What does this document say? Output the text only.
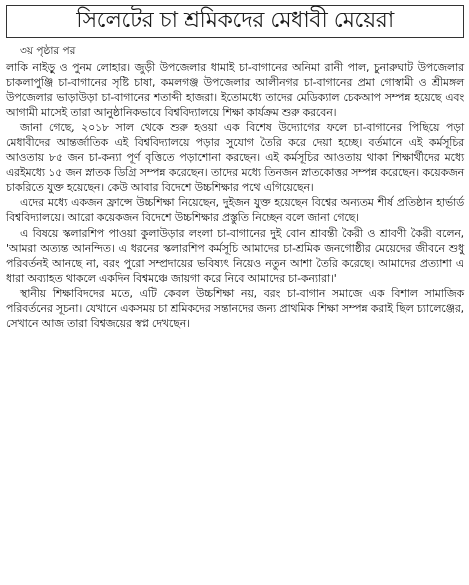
সিলেটের চা শ্রমিকদের মেধাবী মেয়েরা
৩য় পৃষ্ঠার পর

লাকি নাইড়ু ও পুনম লোহার। জুড়ী উপজেলার ধামাই চা-বাগানের অনিমা রানী পাল, চুনারুঘাট উপজেলার চাকলাপুঞ্জি চা-বাগানের সৃষ্টি চাষা, কমলগঞ্জ উপজেলার আলীনগর চা-বাগানের প্রমা গোস্বামী ও শ্রীমঙ্গল উপজেলার ভাড়াউড়া চা-বাগানের শতাব্দী হাজরা। ইতোমধ্যে তাদের মেডিক্যাল চেকআপ সম্পন্ন হয়েছে এবং আগামী মাসেই তারা আনুষ্ঠানিকভাবে বিশ্ববিদ্যালয়ে শিক্ষা কার্যক্রম শুরু করবেন।

জানা গেছে, ২০১৮ সাল থেকে শুরু হওয়া এক বিশেষ উদ্যোগের ফলে চা-বাগানের পিছিয়ে পড়া মেধাবীদের আন্তর্জাতিক এই বিশ্ববিদ্যালয়ে পড়ার সুযোগ তৈরি করে দেয়া হচ্ছে। বর্তমানে এই কর্মসূচির আওতায় ৮৫ জন চা-কন্যা পূর্ণ বৃত্তিতে পড়াশোনা করছেন। এই কর্মসূচির আওতায় থাকা শিক্ষার্থীদের মধ্যে এরইমধ্যে ১৫ জন স্নাতক ডিগ্রি সম্পন্ন করেছেন। তাদের মধ্যে তিনজন স্নাতকোত্তর সম্পন্ন করেছেন। কয়েকজন চাকরিতে যুক্ত হয়েছেন। কেউ আবার বিদেশে উচ্চশিক্ষার পথে এগিয়েছেন।

এদের মধ্যে একজন ফ্রান্সে উচ্চশিক্ষা নিয়েছেন, দুইজন যুক্ত হয়েছেন বিশ্বের অন্যতম শীর্ষ প্রতিষ্ঠান হার্ভার্ড বিশ্ববিদ্যালয়ে। আরো কয়েকজন বিদেশে উচ্চশিক্ষার প্রস্তুতি নিচ্ছেন বলে জানা গেছে।

এ বিষয়ে স্কলারশিপ পাওয়া কুলাউড়ার লংলা চা-বাগানের দুই বোন শ্রাবন্তী কৈরী ও শ্রাবণী কৈরী বলেন, 'আমরা অত্যন্ত আনন্দিত। এ ধরনের স্কলারশিপ কর্মসূচি আমাদের চা-শ্রমিক জনগোষ্ঠীর মেয়েদের জীবনে শুধু পরিবর্তনই আনছে না, বরং পুরো সম্প্রদায়ের ভবিষ্যৎ নিয়েও নতুন আশা তৈরি করেছে। আমাদের প্রত্যাশা এ ধারা অব্যাহত থাকলে একদিন বিশ্বমঞ্চে জায়গা করে নিবে আমাদের চা-কন্যারা।'

স্থানীয় শিক্ষাবিদদের মতে, এটি কেবল উচ্চশিক্ষা নয়, বরং চা-বাগান সমাজে এক বিশাল সামাজিক পরিবর্তনের সূচনা। যেখানে একসময় চা শ্রমিকদের সন্তানদের জন্য প্রাথমিক শিক্ষা সম্পন্ন করাই ছিল চ্যালেঞ্জের, সেখানে আজ তারা বিশ্বজয়ের স্বপ্ন দেখছেন।
